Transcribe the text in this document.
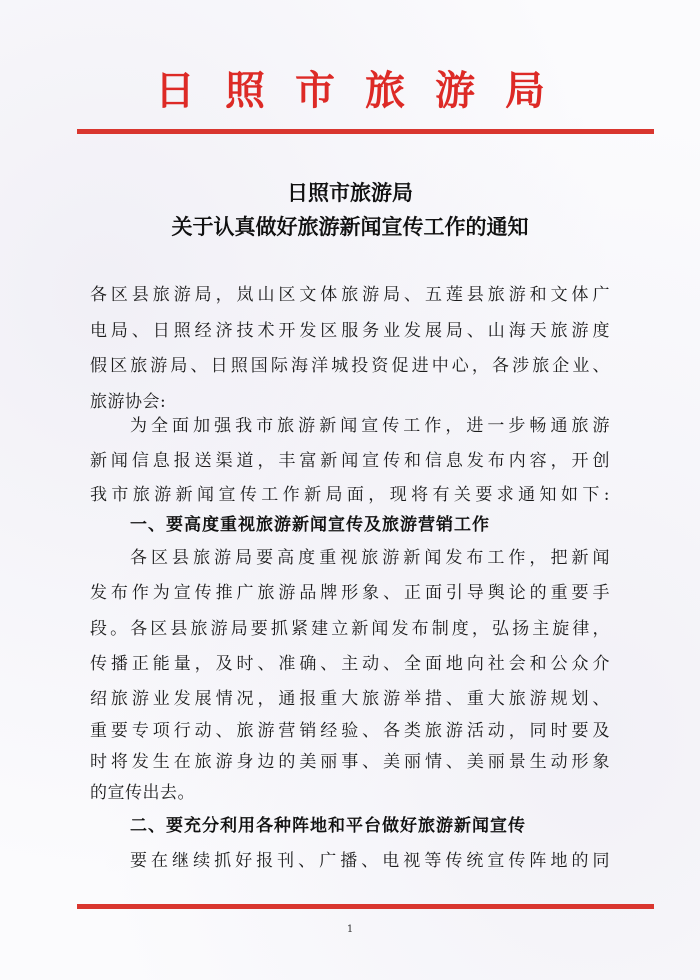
日照市旅游局
日照市旅游局
关于认真做好旅游新闻宣传工作的通知
各区县旅游局，岚山区文体旅游局、五莲县旅游和文体广
电局、日照经济技术开发区服务业发展局、山海天旅游度
假区旅游局、日照国际海洋城投资促进中心，各涉旅企业、
旅游协会:
为全面加强我市旅游新闻宣传工作，进一步畅通旅游
新闻信息报送渠道，丰富新闻宣传和信息发布内容，开创
我市旅游新闻宣传工作新局面，现将有关要求通知如下:
一、要高度重视旅游新闻宣传及旅游营销工作
各区县旅游局要高度重视旅游新闻发布工作，把新闻
发布作为宣传推广旅游品牌形象、正面引导舆论的重要手
段。各区县旅游局要抓紧建立新闻发布制度，弘扬主旋律，
传播正能量，及时、准确、主动、全面地向社会和公众介
绍旅游业发展情况，通报重大旅游举措、重大旅游规划、
重要专项行动、旅游营销经验、各类旅游活动，同时要及
时将发生在旅游身边的美丽事、美丽情、美丽景生动形象
的宣传出去。
二、要充分利用各种阵地和平台做好旅游新闻宣传
要在继续抓好报刊、广播、电视等传统宣传阵地的同
1
